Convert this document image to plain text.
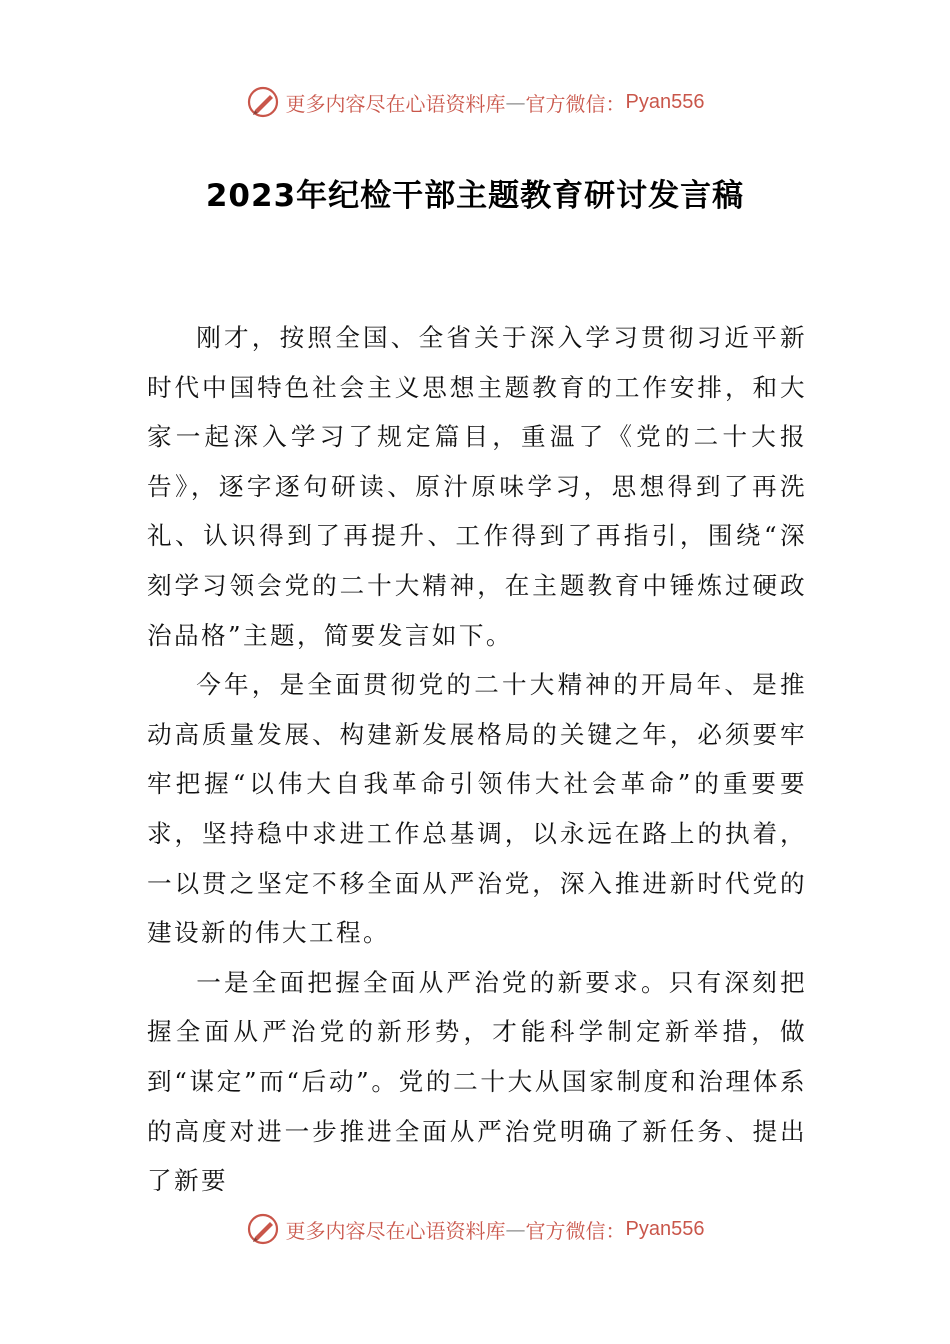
更多内容尽在心语资料库 — 官方微信： Pyan556
2023年纪检干部主题教育研讨发言稿

刚才，按照全国、全省关于深入学习贯彻习近平新时代中国特色社会主义思想主题教育的工作安排，和大家一起深入学习了规定篇目，重温了《党的二十大报告》，逐字逐句研读、原汁原味学习，思想得到了再洗礼、认识得到了再提升、工作得到了再指引，围绕“深刻学习领会党的二十大精神，在主题教育中锤炼过硬政治品格”主题，简要发言如下。

今年，是全面贯彻党的二十大精神的开局年、是推动高质量发展、构建新发展格局的关键之年，必须要牢牢把握“以伟大自我革命引领伟大社会革命”的重要要求，坚持稳中求进工作总基调，以永远在路上的执着，一以贯之坚定不移全面从严治党，深入推进新时代党的建设新的伟大工程。

一是全面把握全面从严治党的新要求。只有深刻把握全面从严治党的新形势，才能科学制定新举措，做到“谋定”而“后动”。党的二十大从国家制度和治理体系的高度对进一步推进全面从严治党明确了新任务、提出了新要

更多内容尽在心语资料库 — 官方微信： Pyan556
